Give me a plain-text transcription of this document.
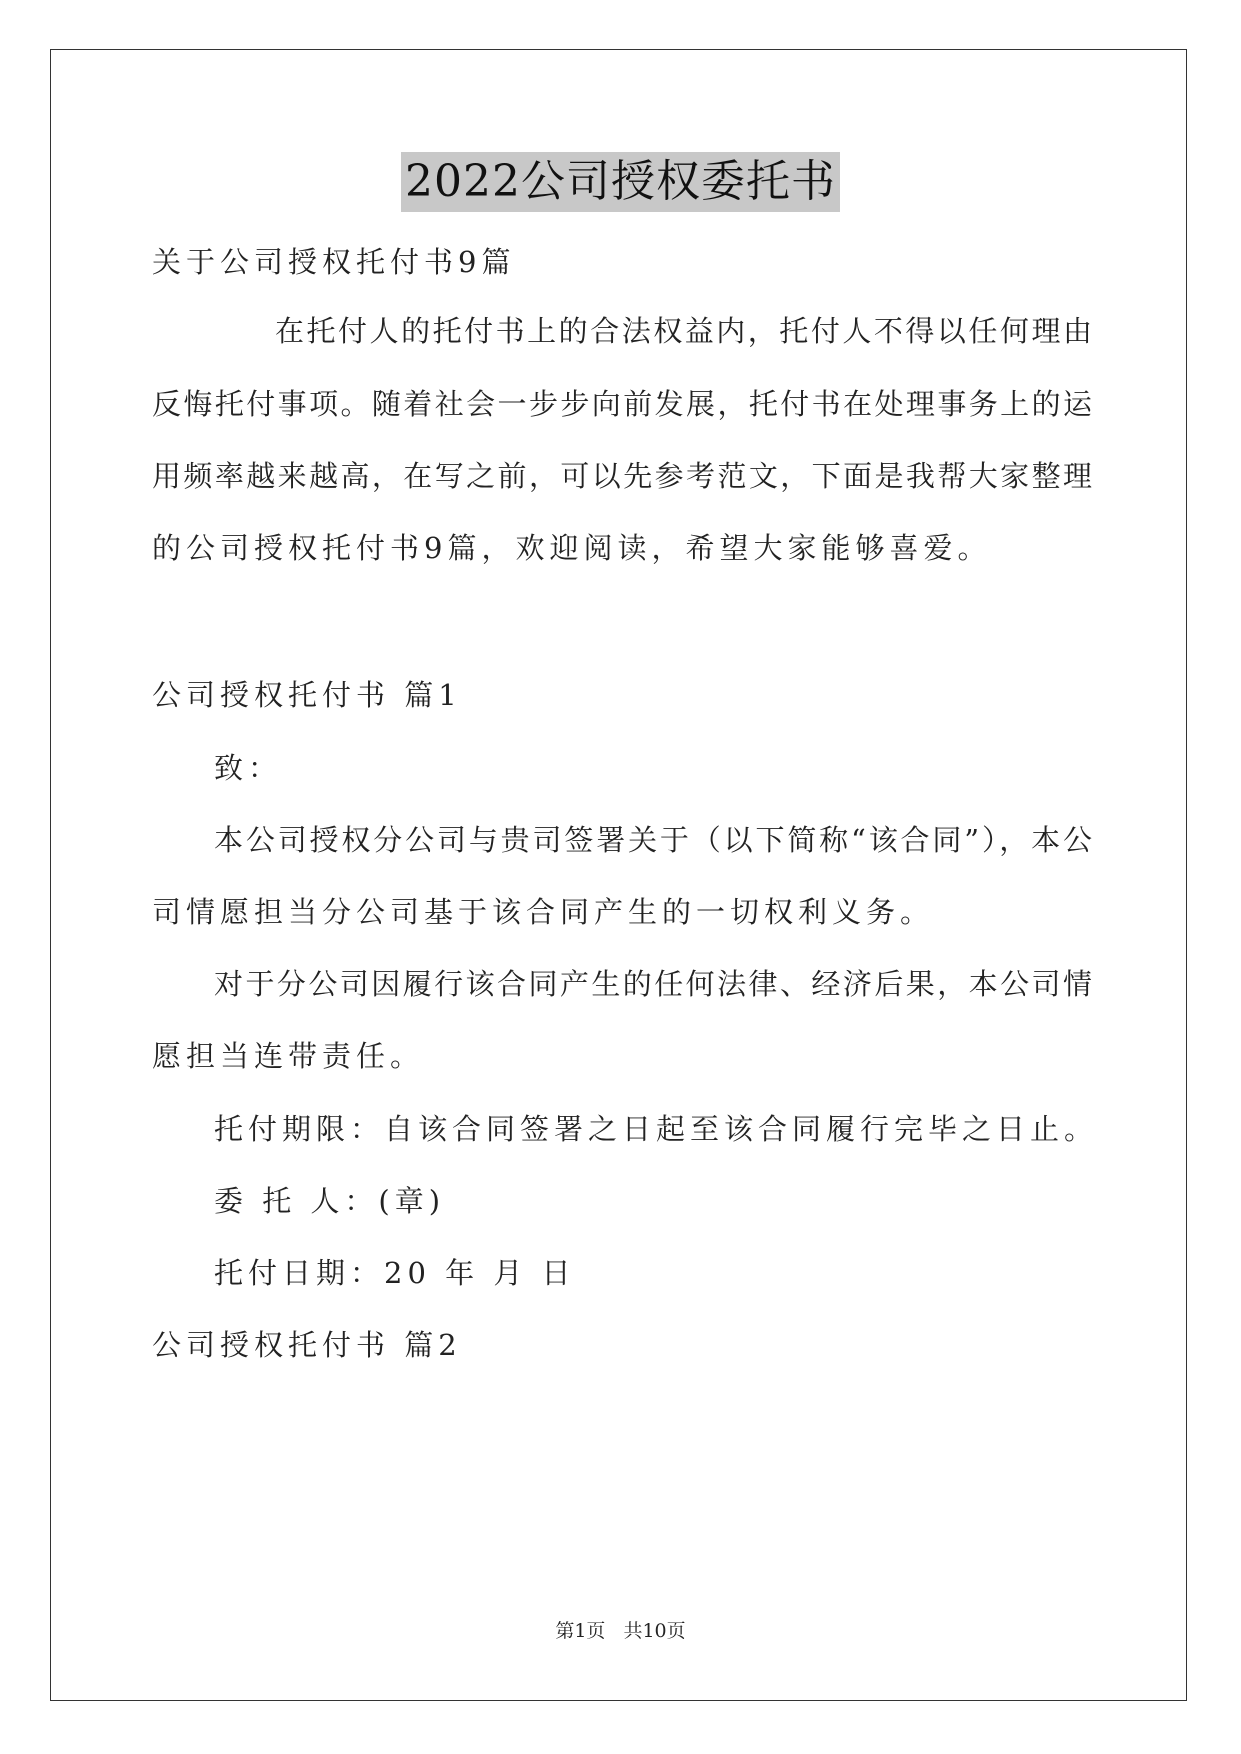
2022公司授权委托书
关于公司授权托付书9篇
在托付人的托付书上的合法权益内，托付人不得以任何理由
反悔托付事项。随着社会一步步向前发展，托付书在处理事务上的运
用频率越来越高，在写之前，可以先参考范文，下面是我帮大家整理
的公司授权托付书9篇，欢迎阅读，希望大家能够喜爱。
公司授权托付书 篇1
致：
本公司授权分公司与贵司签署关于（以下简称“该合同”），本公
司情愿担当分公司基于该合同产生的一切权利义务。
对于分公司因履行该合同产生的任何法律、经济后果，本公司情
愿担当连带责任。
托付期限：自该合同签署之日起至该合同履行完毕之日止。
委 托 人：(章)
托付日期：20 年 月 日
公司授权托付书 篇2
第1页 共10页
